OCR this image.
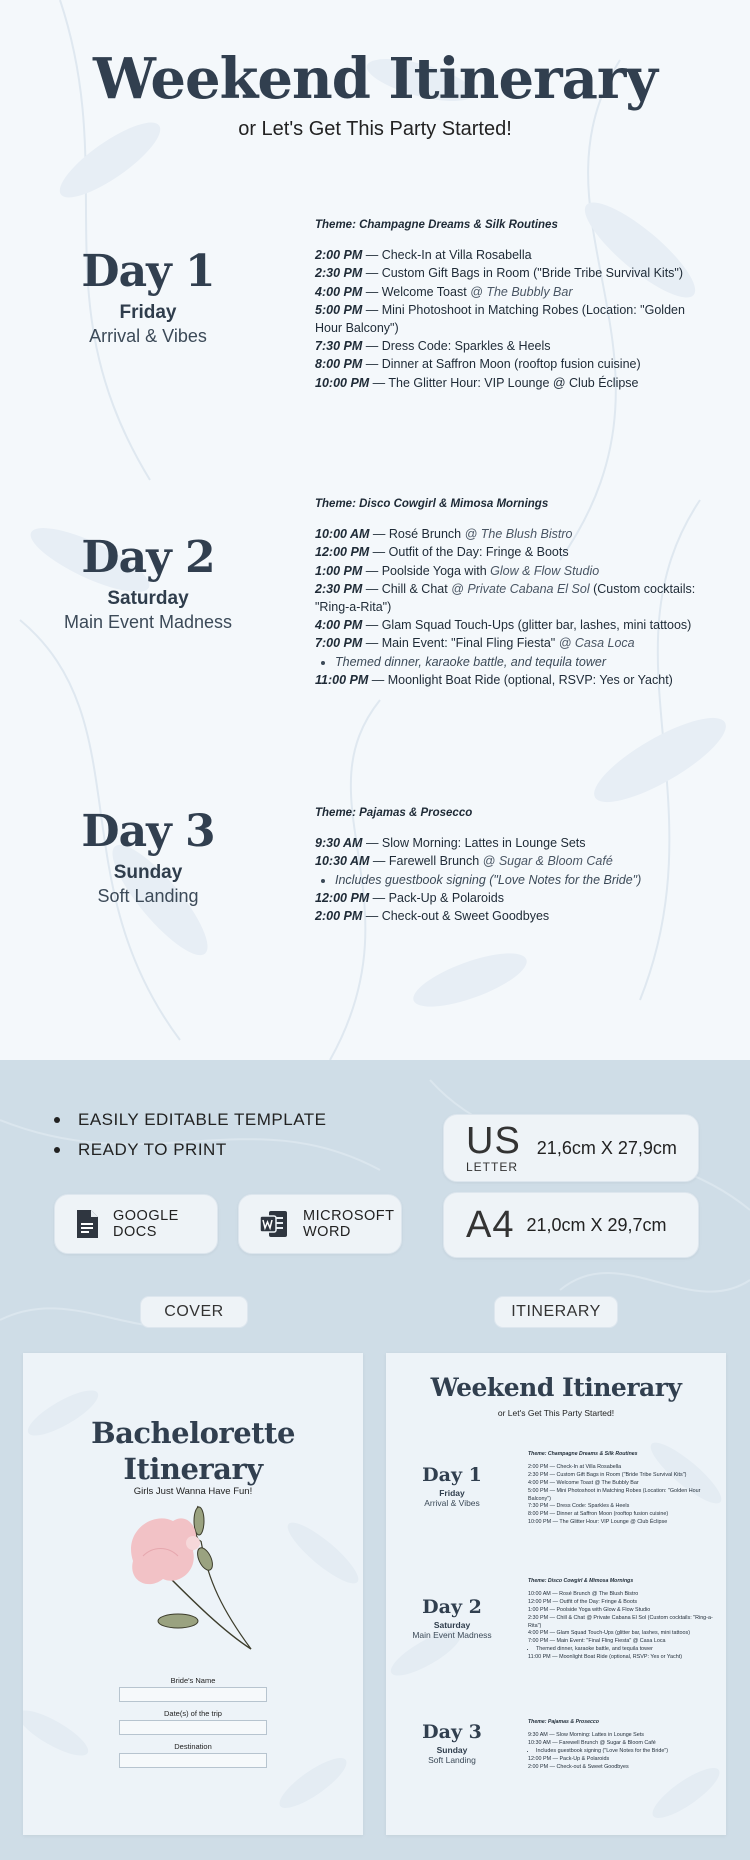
Weekend Itinerary
or Let's Get This Party Started!
Day 1
Friday
Arrival & Vibes
Theme: Champagne Dreams & Silk Routines
2:00 PM — Check-In at Villa Rosabella
2:30 PM — Custom Gift Bags in Room ("Bride Tribe Survival Kits")
4:00 PM — Welcome Toast @ The Bubbly Bar
5:00 PM — Mini Photoshoot in Matching Robes (Location: "Golden Hour Balcony")
7:30 PM — Dress Code: Sparkles & Heels
8:00 PM — Dinner at Saffron Moon (rooftop fusion cuisine)
10:00 PM — The Glitter Hour: VIP Lounge @ Club Éclipse
Day 2
Saturday
Main Event Madness
Theme: Disco Cowgirl & Mimosa Mornings
10:00 AM — Rosé Brunch @ The Blush Bistro
12:00 PM — Outfit of the Day: Fringe & Boots
1:00 PM — Poolside Yoga with Glow & Flow Studio
2:30 PM — Chill & Chat @ Private Cabana El Sol (Custom cocktails: "Ring-a-Rita")
4:00 PM — Glam Squad Touch-Ups (glitter bar, lashes, mini tattoos)
7:00 PM — Main Event: "Final Fling Fiesta" @ Casa Loca
• Themed dinner, karaoke battle, and tequila tower
11:00 PM — Moonlight Boat Ride (optional, RSVP: Yes or Yacht)
Day 3
Sunday
Soft Landing
Theme: Pajamas & Prosecco
9:30 AM — Slow Morning: Lattes in Lounge Sets
10:30 AM — Farewell Brunch @ Sugar & Bloom Café
• Includes guestbook signing ("Love Notes for the Bride")
12:00 PM — Pack-Up & Polaroids
2:00 PM — Check-out & Sweet Goodbyes
EASILY EDITABLE TEMPLATE
READY TO PRINT
GOOGLE
DOCS
MICROSOFT
WORD
US
LETTER
21,6cm X 27,9cm
A4 21,0cm X 29,7cm
COVER	ITINERARY
Bachelorette
Itinerary
Girls Just Wanna Have Fun!
Bride's Name
Date(s) of the trip
Destination
Weekend Itinerary
or Let's Get This Party Started!
Day 1
Friday
Arrival & Vibes
Theme: Champagne Dreams & Silk Routines
2:00 PM — Check-In at Villa Rosabella
2:30 PM — Custom Gift Bags in Room ("Bride Tribe Survival Kits")
4:00 PM — Welcome Toast @ The Bubbly Bar
5:00 PM — Mini Photoshoot in Matching Robes (Location: "Golden Hour Balcony")
7:30 PM — Dress Code: Sparkles & Heels
8:00 PM — Dinner at Saffron Moon (rooftop fusion cuisine)
10:00 PM — The Glitter Hour: VIP Lounge @ Club Éclipse
Day 2
Saturday
Main Event Madness
Theme: Disco Cowgirl & Mimosa Mornings
10:00 AM — Rosé Brunch @ The Blush Bistro
12:00 PM — Outfit of the Day: Fringe & Boots
1:00 PM — Poolside Yoga with Glow & Flow Studio
2:30 PM — Chill & Chat @ Private Cabana El Sol (Custom cocktails: "Ring-a-Rita")
4:00 PM — Glam Squad Touch-Ups (glitter bar, lashes, mini tattoos)
7:00 PM — Main Event: "Final Fling Fiesta" @ Casa Loca
• Themed dinner, karaoke battle, and tequila tower
11:00 PM — Moonlight Boat Ride (optional, RSVP: Yes or Yacht)
Day 3
Sunday
Soft Landing
Theme: Pajamas & Prosecco
9:30 AM — Slow Morning: Lattes in Lounge Sets
10:30 AM — Farewell Brunch @ Sugar & Bloom Café
• Includes guestbook signing ("Love Notes for the Bride")
12:00 PM — Pack-Up & Polaroids
2:00 PM — Check-out & Sweet Goodbyes
